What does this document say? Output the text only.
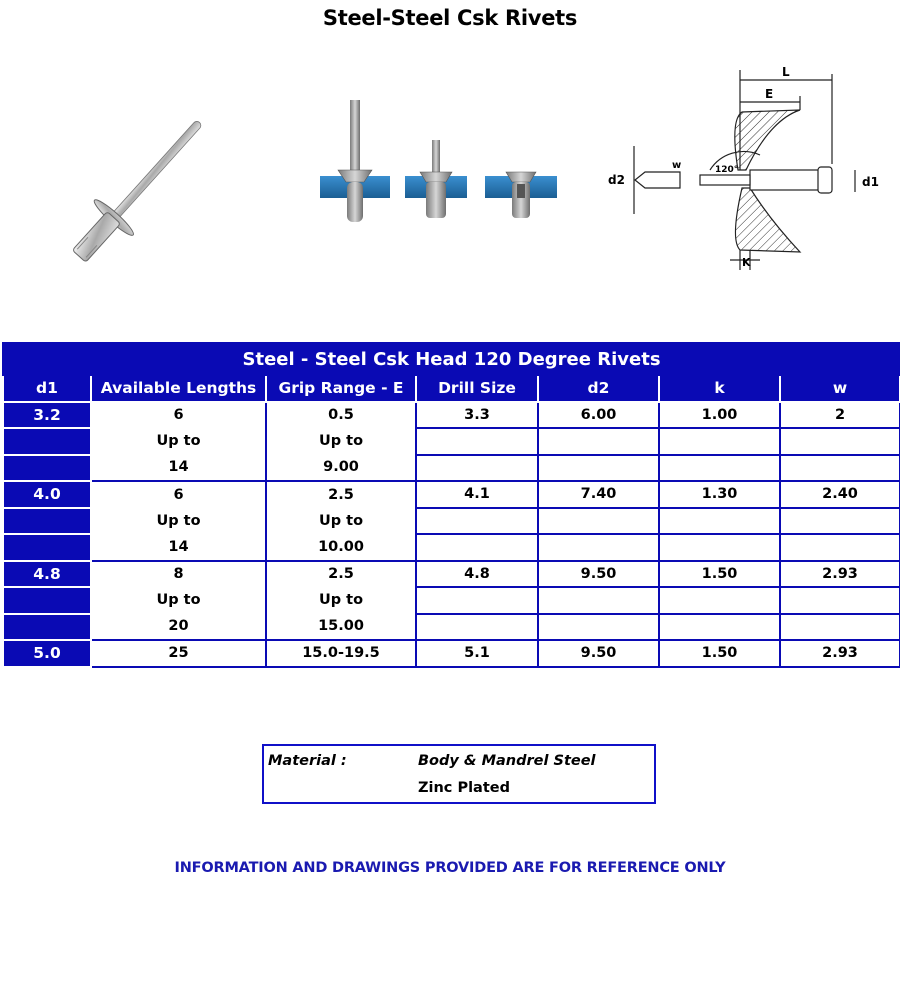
Steel-Steel Csk Rivets
L
E
d2
w	120°
d1
K
Steel - Steel Csk Head 120 Degree Rivets						
d1	Available Lengths	Grip Range - E	Drill Size	d2	k	w
3.2	6	0.5	3.3	6.00	1.00	2
	Up to	Up to				
	14	9.00				
4.0	6	2.5	4.1	7.40	1.30	2.40
	Up to	Up to				
	14	10.00				
4.8	8	2.5	4.8	9.50	1.50	2.93
	Up to	Up to				
	20	15.00				
5.0	25	15.0-19.5	5.1	9.50	1.50	2.93
Material :	Body & Mandrel Steel
Zinc Plated
INFORMATION AND DRAWINGS PROVIDED ARE FOR REFERENCE ONLY
